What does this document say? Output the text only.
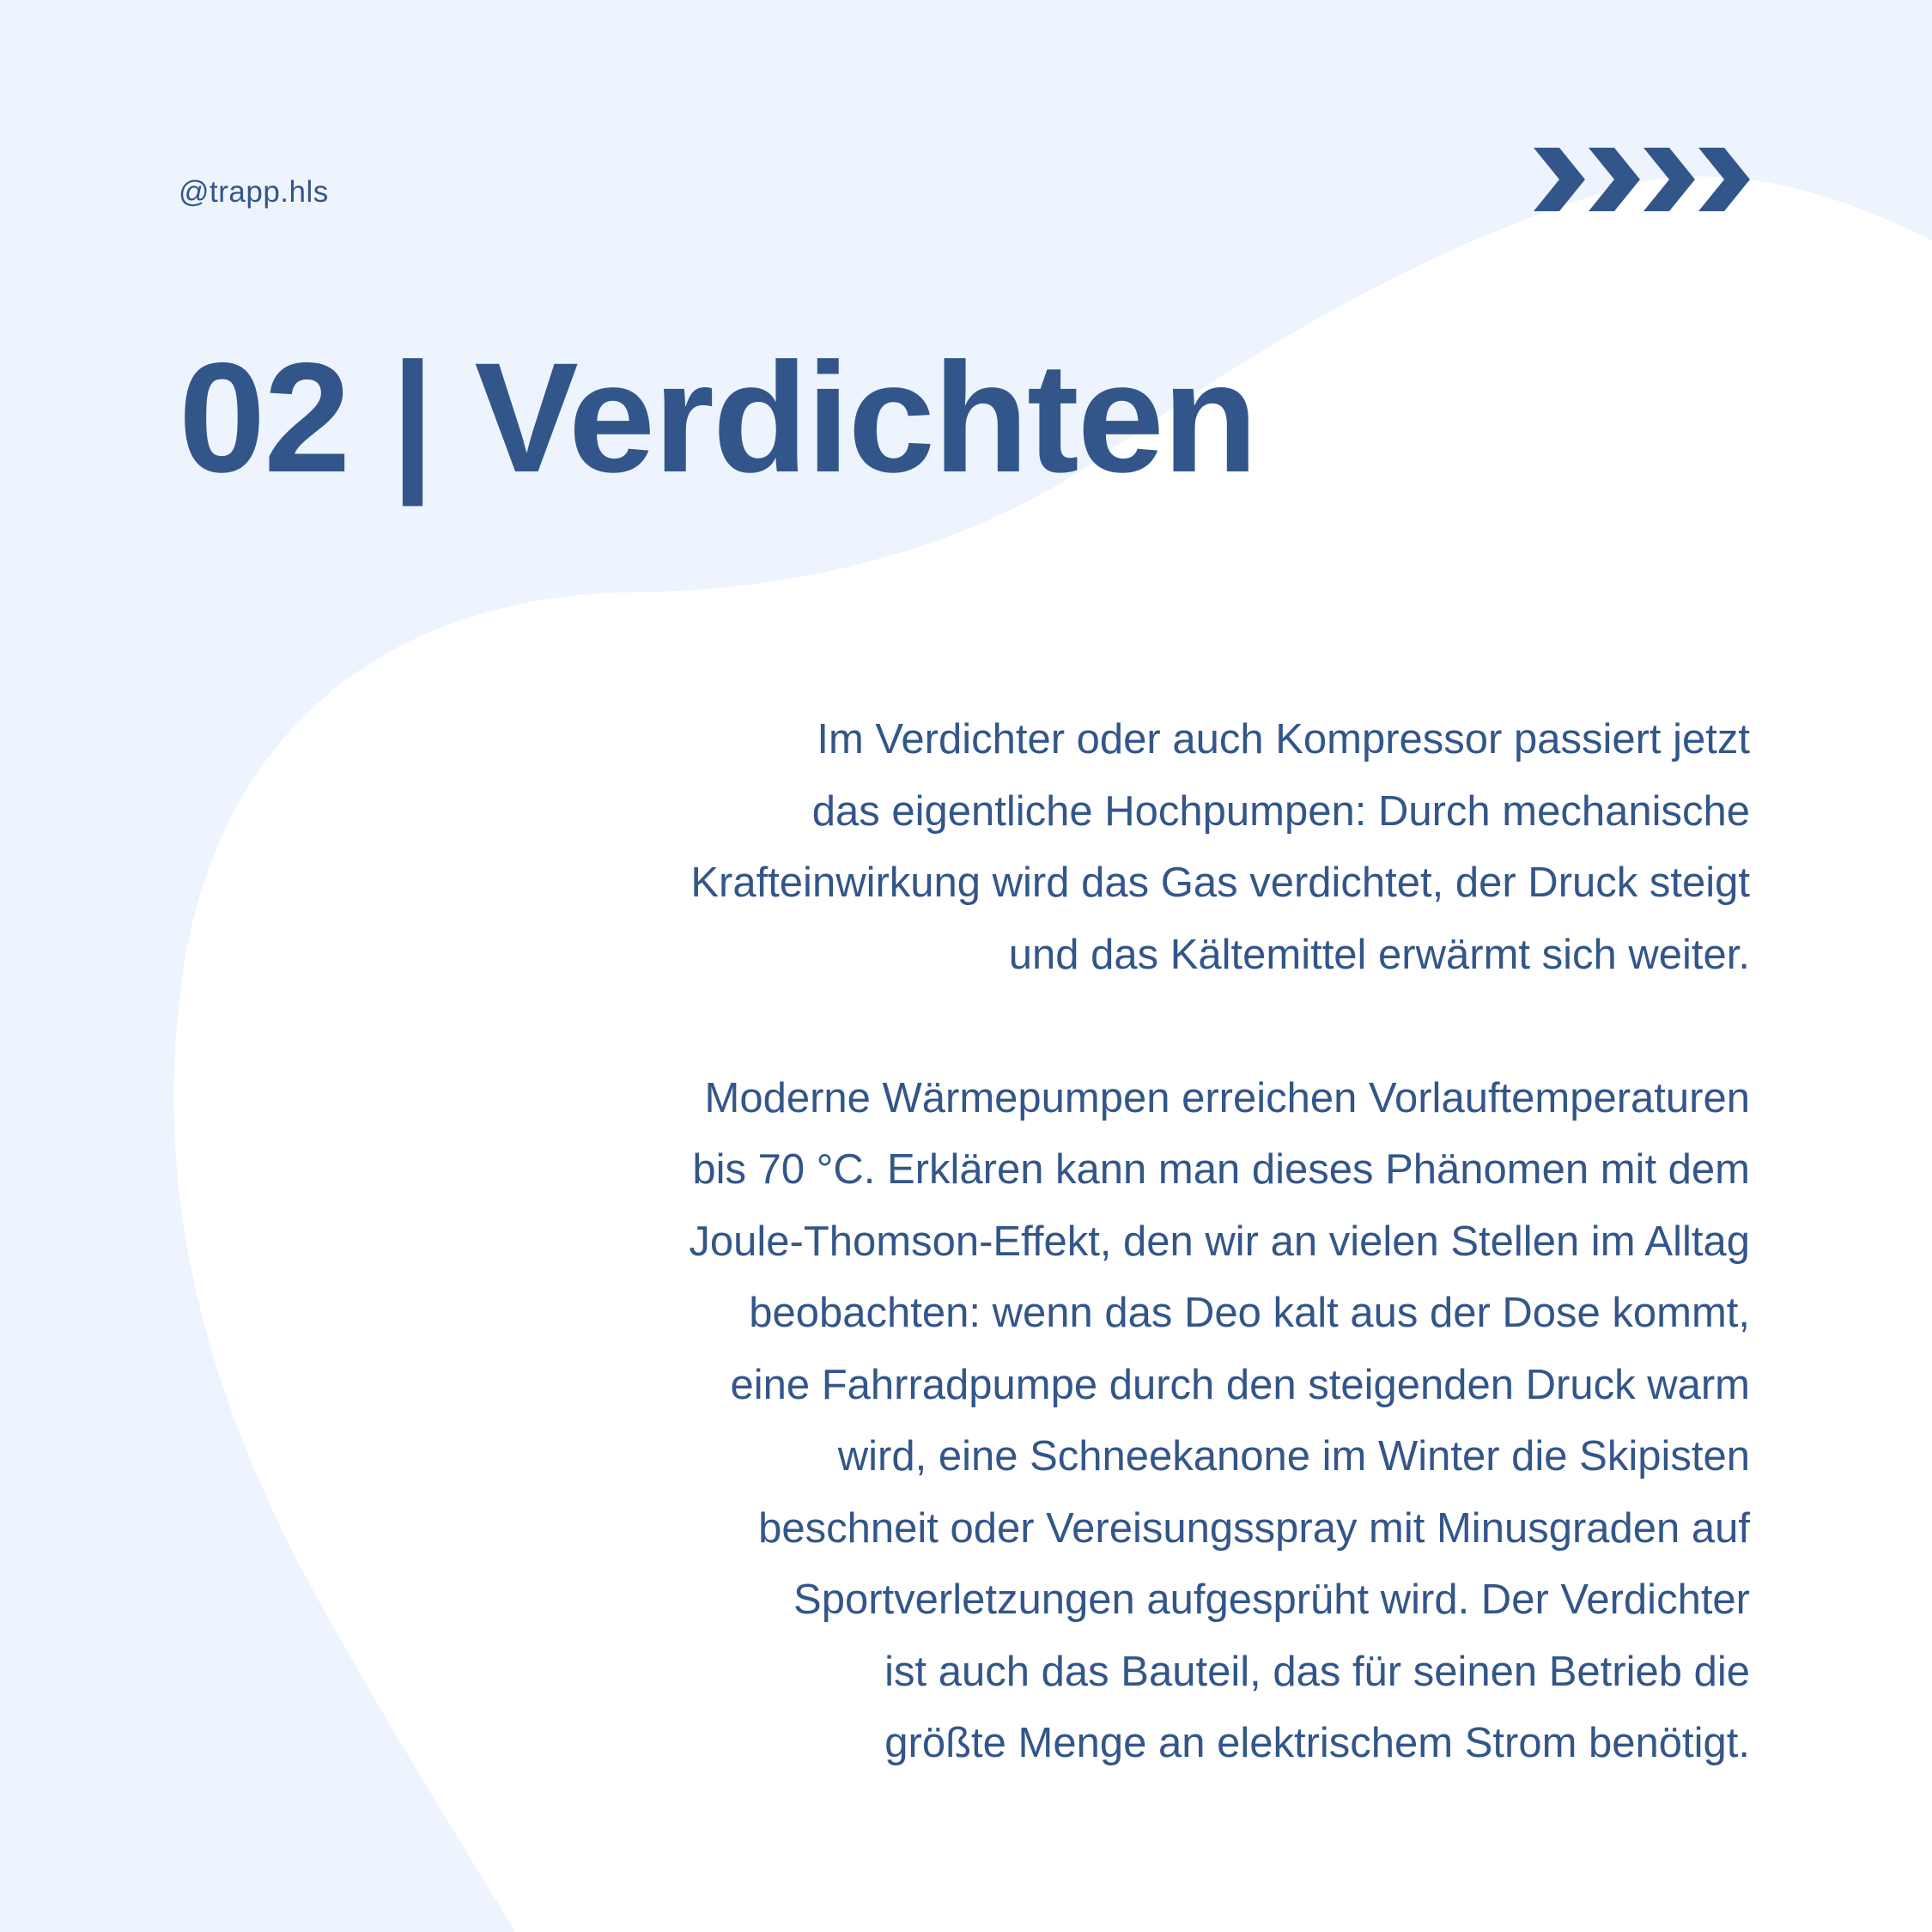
@trapp.hls
02 | Verdichten

Im Verdichter oder auch Kompressor passiert jetzt
das eigentliche Hochpumpen: Durch mechanische
Krafteinwirkung wird das Gas verdichtet, der Druck steigt
und das Kältemittel erwärmt sich weiter.

Moderne Wärmepumpen erreichen Vorlauftemperaturen
bis 70 °C. Erklären kann man dieses Phänomen mit dem
Joule-Thomson-Effekt, den wir an vielen Stellen im Alltag
beobachten: wenn das Deo kalt aus der Dose kommt,
eine Fahrradpumpe durch den steigenden Druck warm
wird, eine Schneekanone im Winter die Skipisten
beschneit oder Vereisungsspray mit Minusgraden auf
Sportverletzungen aufgesprüht wird. Der Verdichter
ist auch das Bauteil, das für seinen Betrieb die
größte Menge an elektrischem Strom benötigt.
